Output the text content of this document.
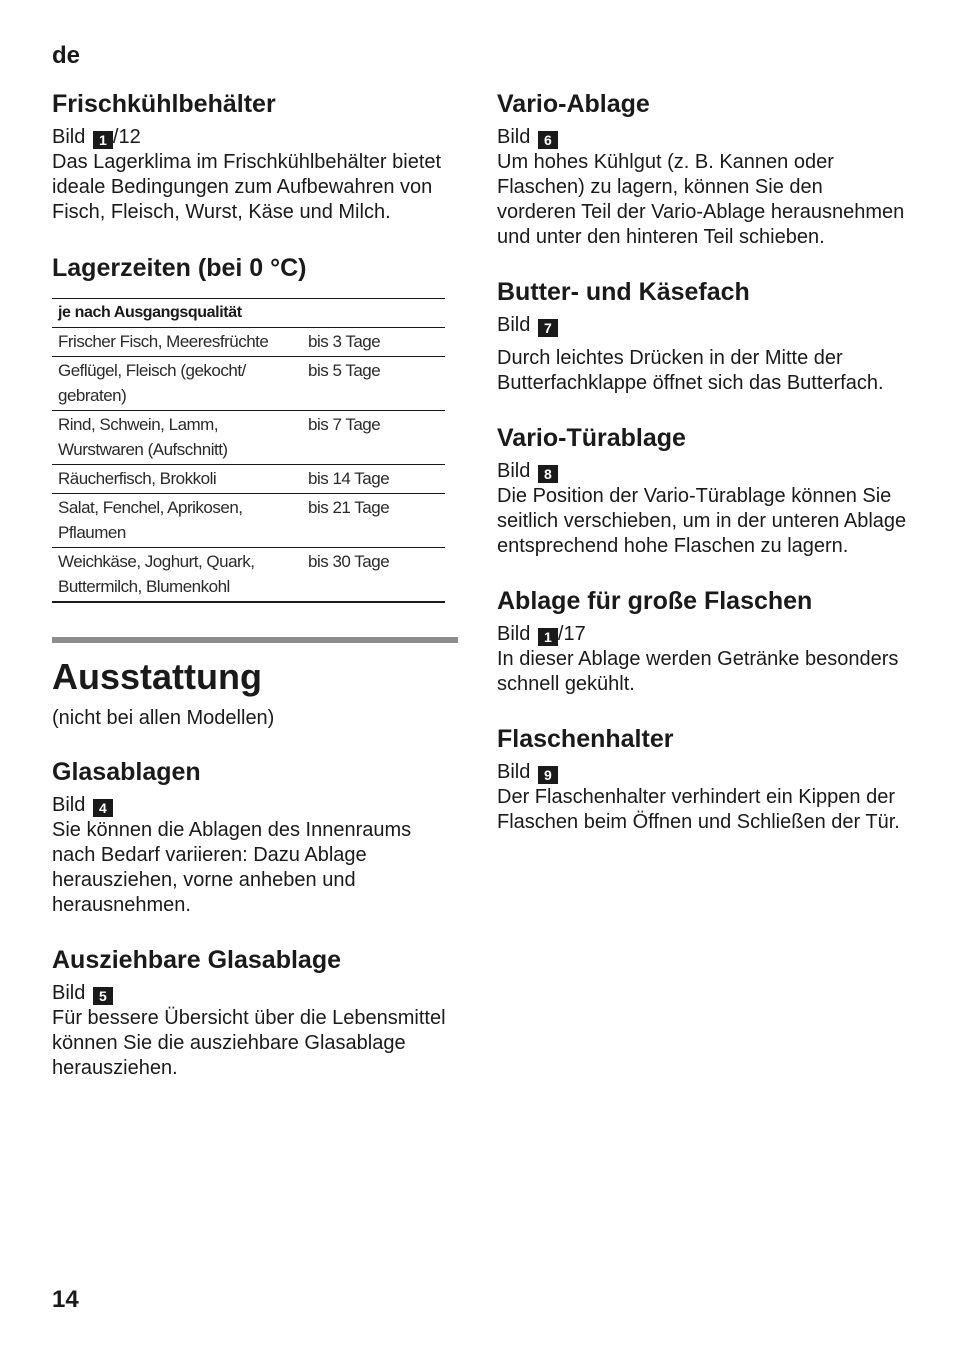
de
Frischkühlbehälter

Bild 1 /12

Das Lagerklima im Frischkühlbehälter bietet ideale Bedingungen zum Aufbewahren von Fisch, Fleisch, Wurst, Käse und Milch.

Lagerzeiten (bei 0 °C)
je nach Ausgangsqualität	
Frischer Fisch, Meeresfrüchte	bis 3 Tage
Geflügel, Fleisch (gekocht/ gebraten)	bis 5 Tage
Rind, Schwein, Lamm, Wurstwaren (Aufschnitt)	bis 7 Tage
Räucherfisch, Brokkoli	bis 14 Tage
Salat, Fenchel, Aprikosen, Pflaumen	bis 21 Tage
Weichkäse, Joghurt, Quark, Buttermilch, Blumenkohl	bis 30 Tage
Ausstattung

(nicht bei allen Modellen)

Glasablagen

Bild 4

Sie können die Ablagen des Innenraums nach Bedarf variieren: Dazu Ablage herausziehen, vorne anheben und herausnehmen.

Ausziehbare Glasablage

Bild 5

Für bessere Übersicht über die Lebensmittel können Sie die ausziehbare Glasablage herausziehen.

Vario-Ablage

Bild 6

Um hohes Kühlgut (z. B. Kannen oder Flaschen) zu lagern, können Sie den vorderen Teil der Vario-Ablage herausnehmen und unter den hinteren Teil schieben.

Butter- und Käsefach

Bild 7

Durch leichtes Drücken in der Mitte der Butterfachklappe öffnet sich das Butterfach.

Vario-Türablage

Bild 8

Die Position der Vario-Türablage können Sie seitlich verschieben, um in der unteren Ablage entsprechend hohe Flaschen zu lagern.

Ablage für große Flaschen

Bild 1 /17

In dieser Ablage werden Getränke besonders schnell gekühlt.

Flaschenhalter

Bild 9

Der Flaschenhalter verhindert ein Kippen der Flaschen beim Öffnen und Schließen der Tür.

14
